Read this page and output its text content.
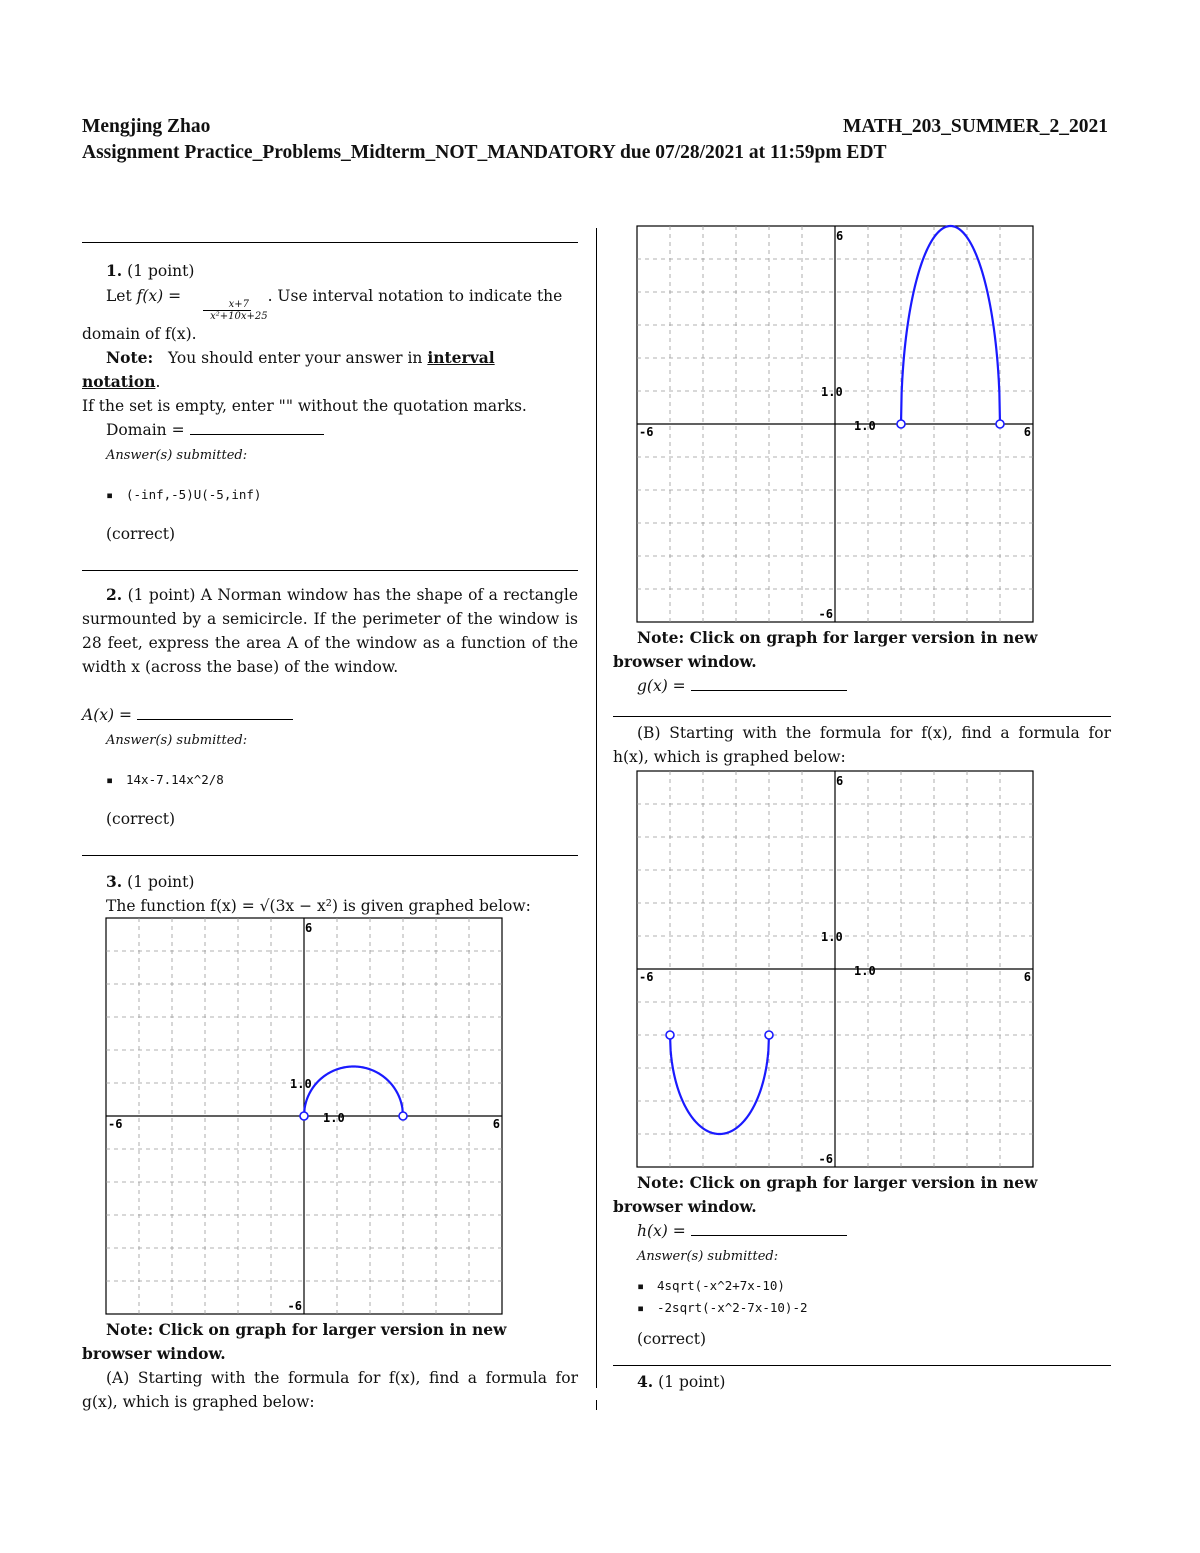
Mengjing Zhao	MATH_203_SUMMER_2_2021
Assignment Practice_Problems_Midterm_NOT_MANDATORY due 07/28/2021 at 11:59pm EDT

1. (1 point)

Let f(x) =
$\frac{x+7}{\text{x²+10x+25}}$
. Use interval notation to indicate the

domain of f(x).

Note: You should enter your answer in interval notation.

If the set is empty, enter "" without the quotation marks.

Domain =

Answer(s) submitted:

▪ (-inf,-5)U(-5,inf)

(correct)

2. (1 point) A Norman window has the shape of a rectangle surmounted by a semicircle. If the perimeter of the window is 28 feet, express the area A of the window as a function of the width x (across the base) of the window.

A(x) =

Answer(s) submitted:

▪ 14x-7.14x^2/8

(correct)

3. (1 point)

The function f(x) = √(3x − x²) is given graphed below:

-6	6
6
-6
1.0
1.0

Note: Click on graph for larger version in new browser window.

(A) Starting with the formula for f(x), find a formula for g(x), which is graphed below:

-6	6
6
-6
1.0
1.0

Note: Click on graph for larger version in new browser window.

g(x) =

(B) Starting with the formula for f(x), find a formula for h(x), which is graphed below:

-6	6
6
-6
1.0
1.0

Note: Click on graph for larger version in new browser window.

h(x) =

Answer(s) submitted:

▪ 4sqrt(-x^2+7x-10)
▪ -2sqrt(-x^2-7x-10)-2

(correct)

4. (1 point)
